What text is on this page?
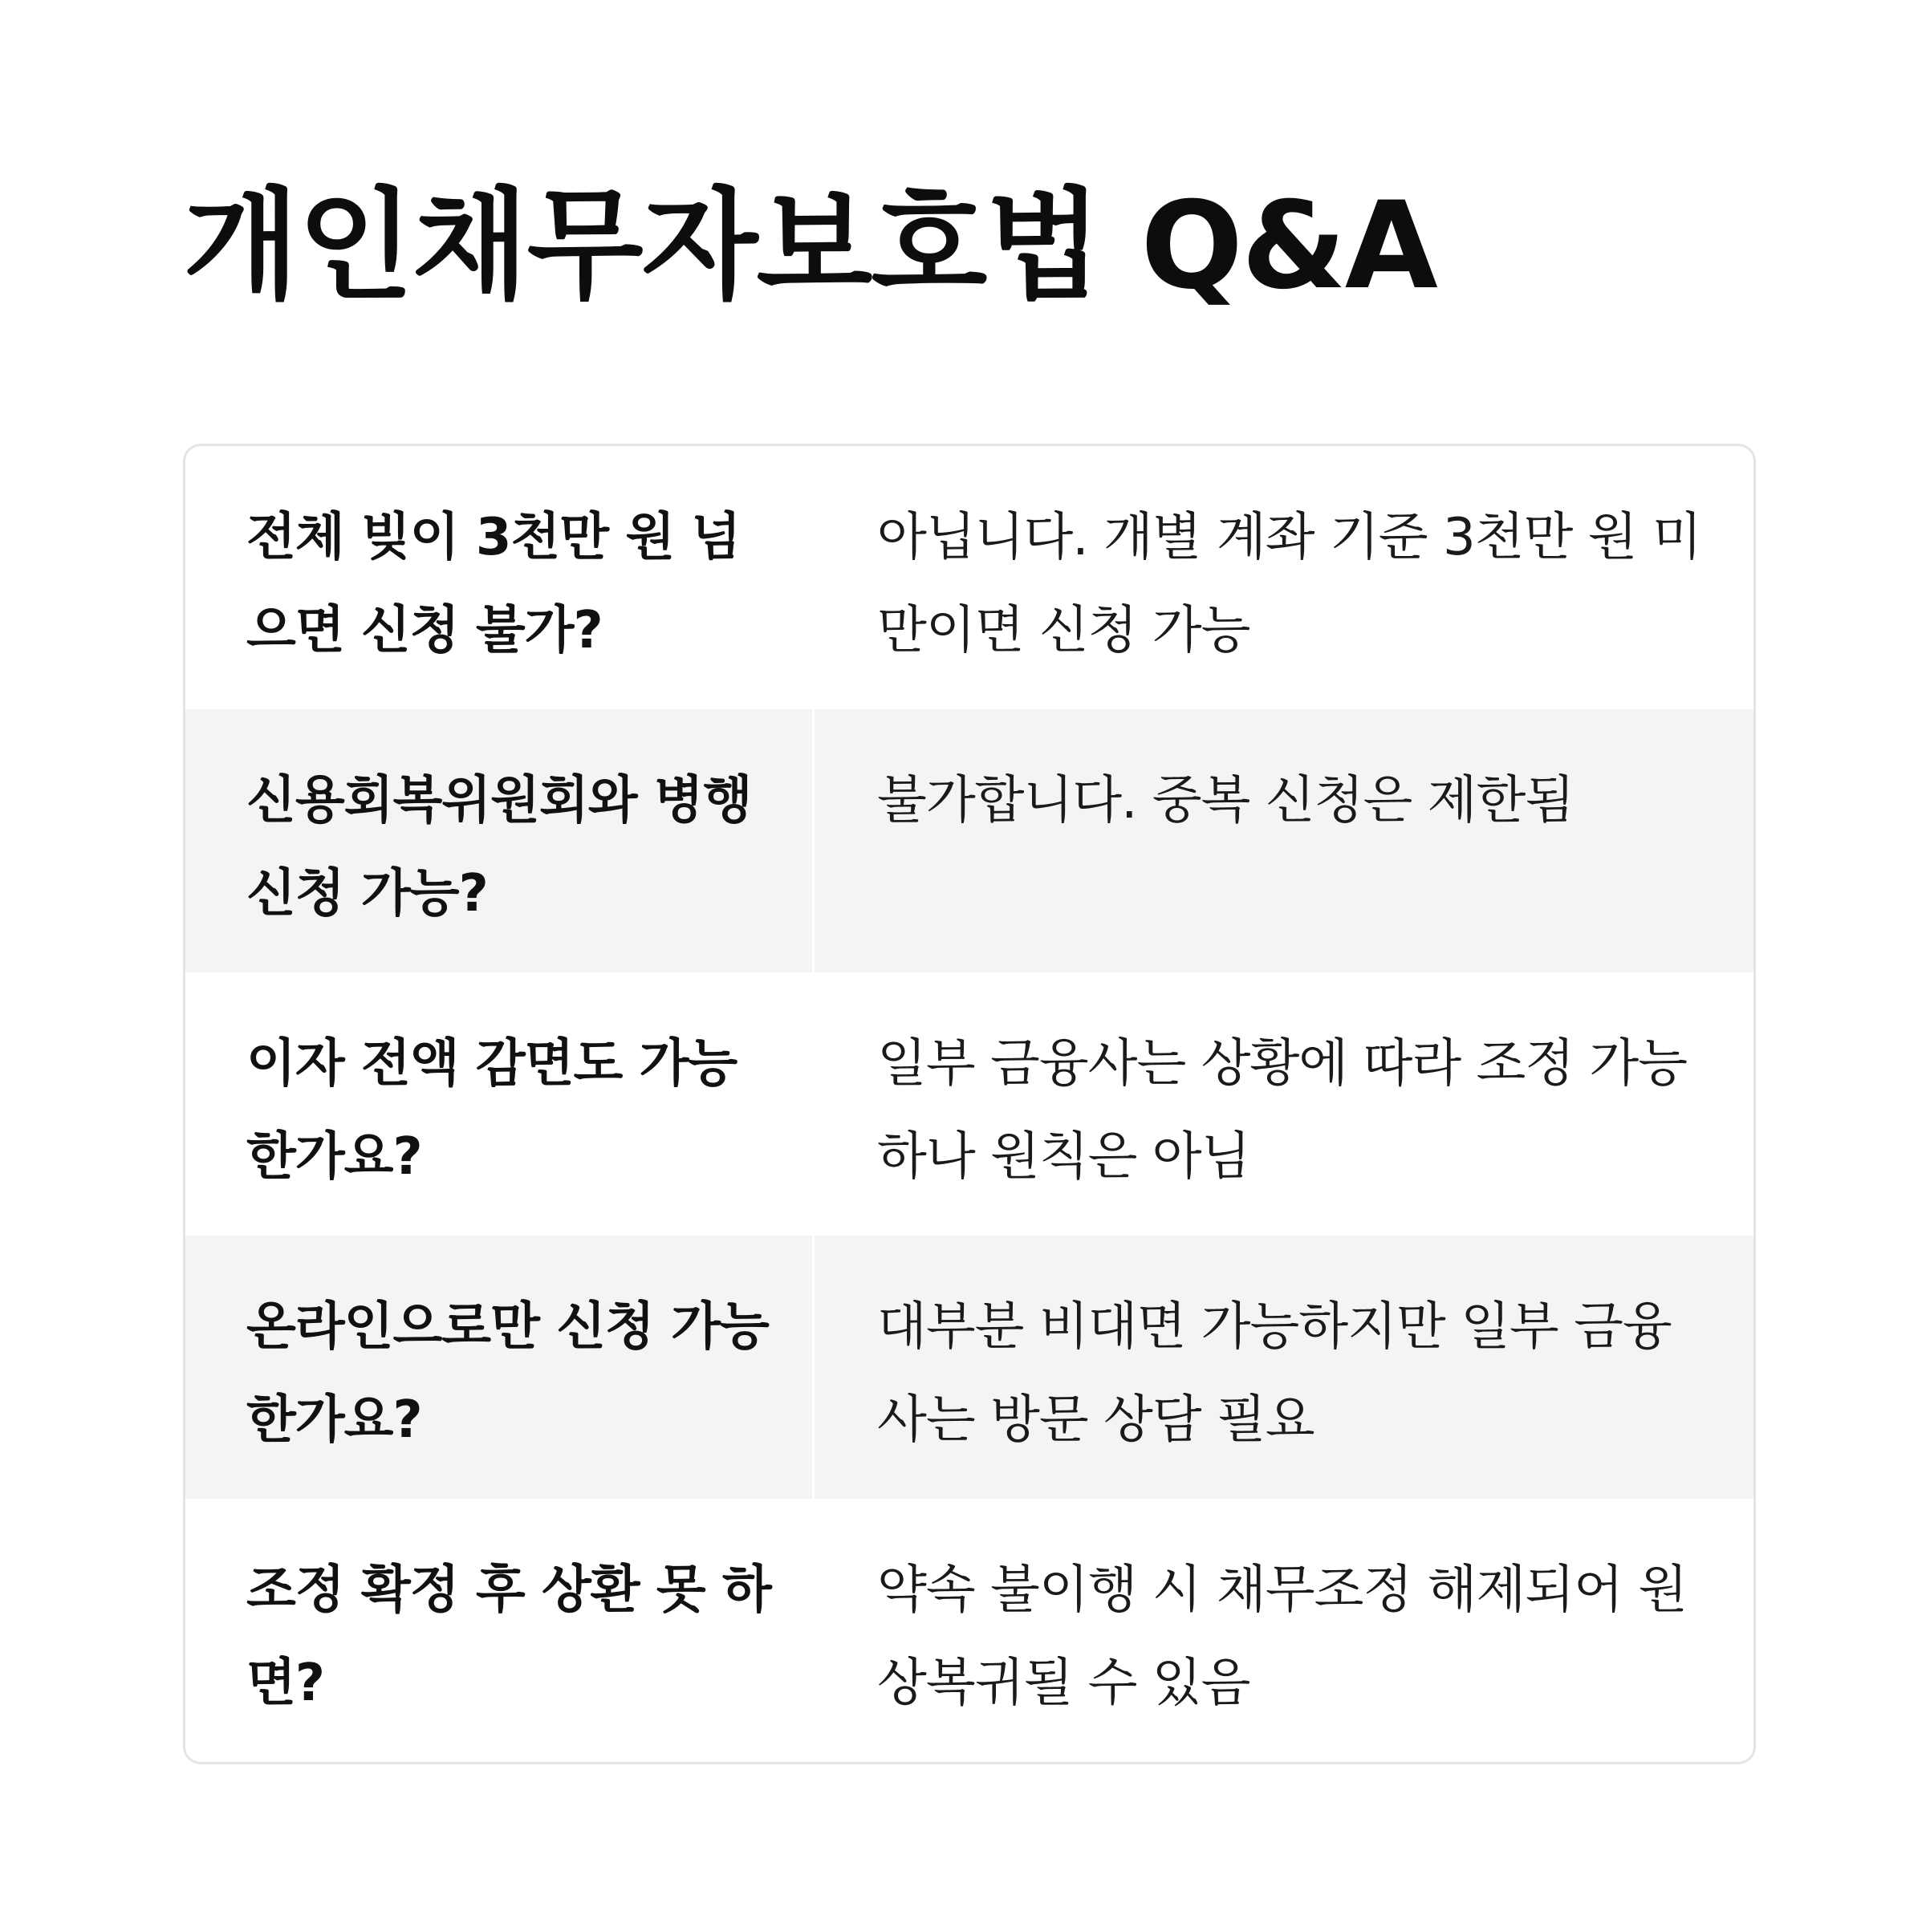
개인채무자보호법 Q&A
전체 빚이 3천만 원 넘으면 신청 불가?
아닙니다. 개별 계좌 기준 3천만 원 미만이면 신청 가능
신용회복위원회와 병행 신청 가능?
불가합니다. 중복 신청은 제한됨
이자 전액 감면도 가능한가요?
일부 금융사는 상황에 따라 조정 가능하나 원칙은 아님
온라인으로만 신청 가능한가요?
대부분 비대면 가능하지만 일부 금융사는 방문 상담 필요
조정 확정 후 상환 못 하면?
약속 불이행 시 채무조정 해제되어 원상복귀될 수 있음
